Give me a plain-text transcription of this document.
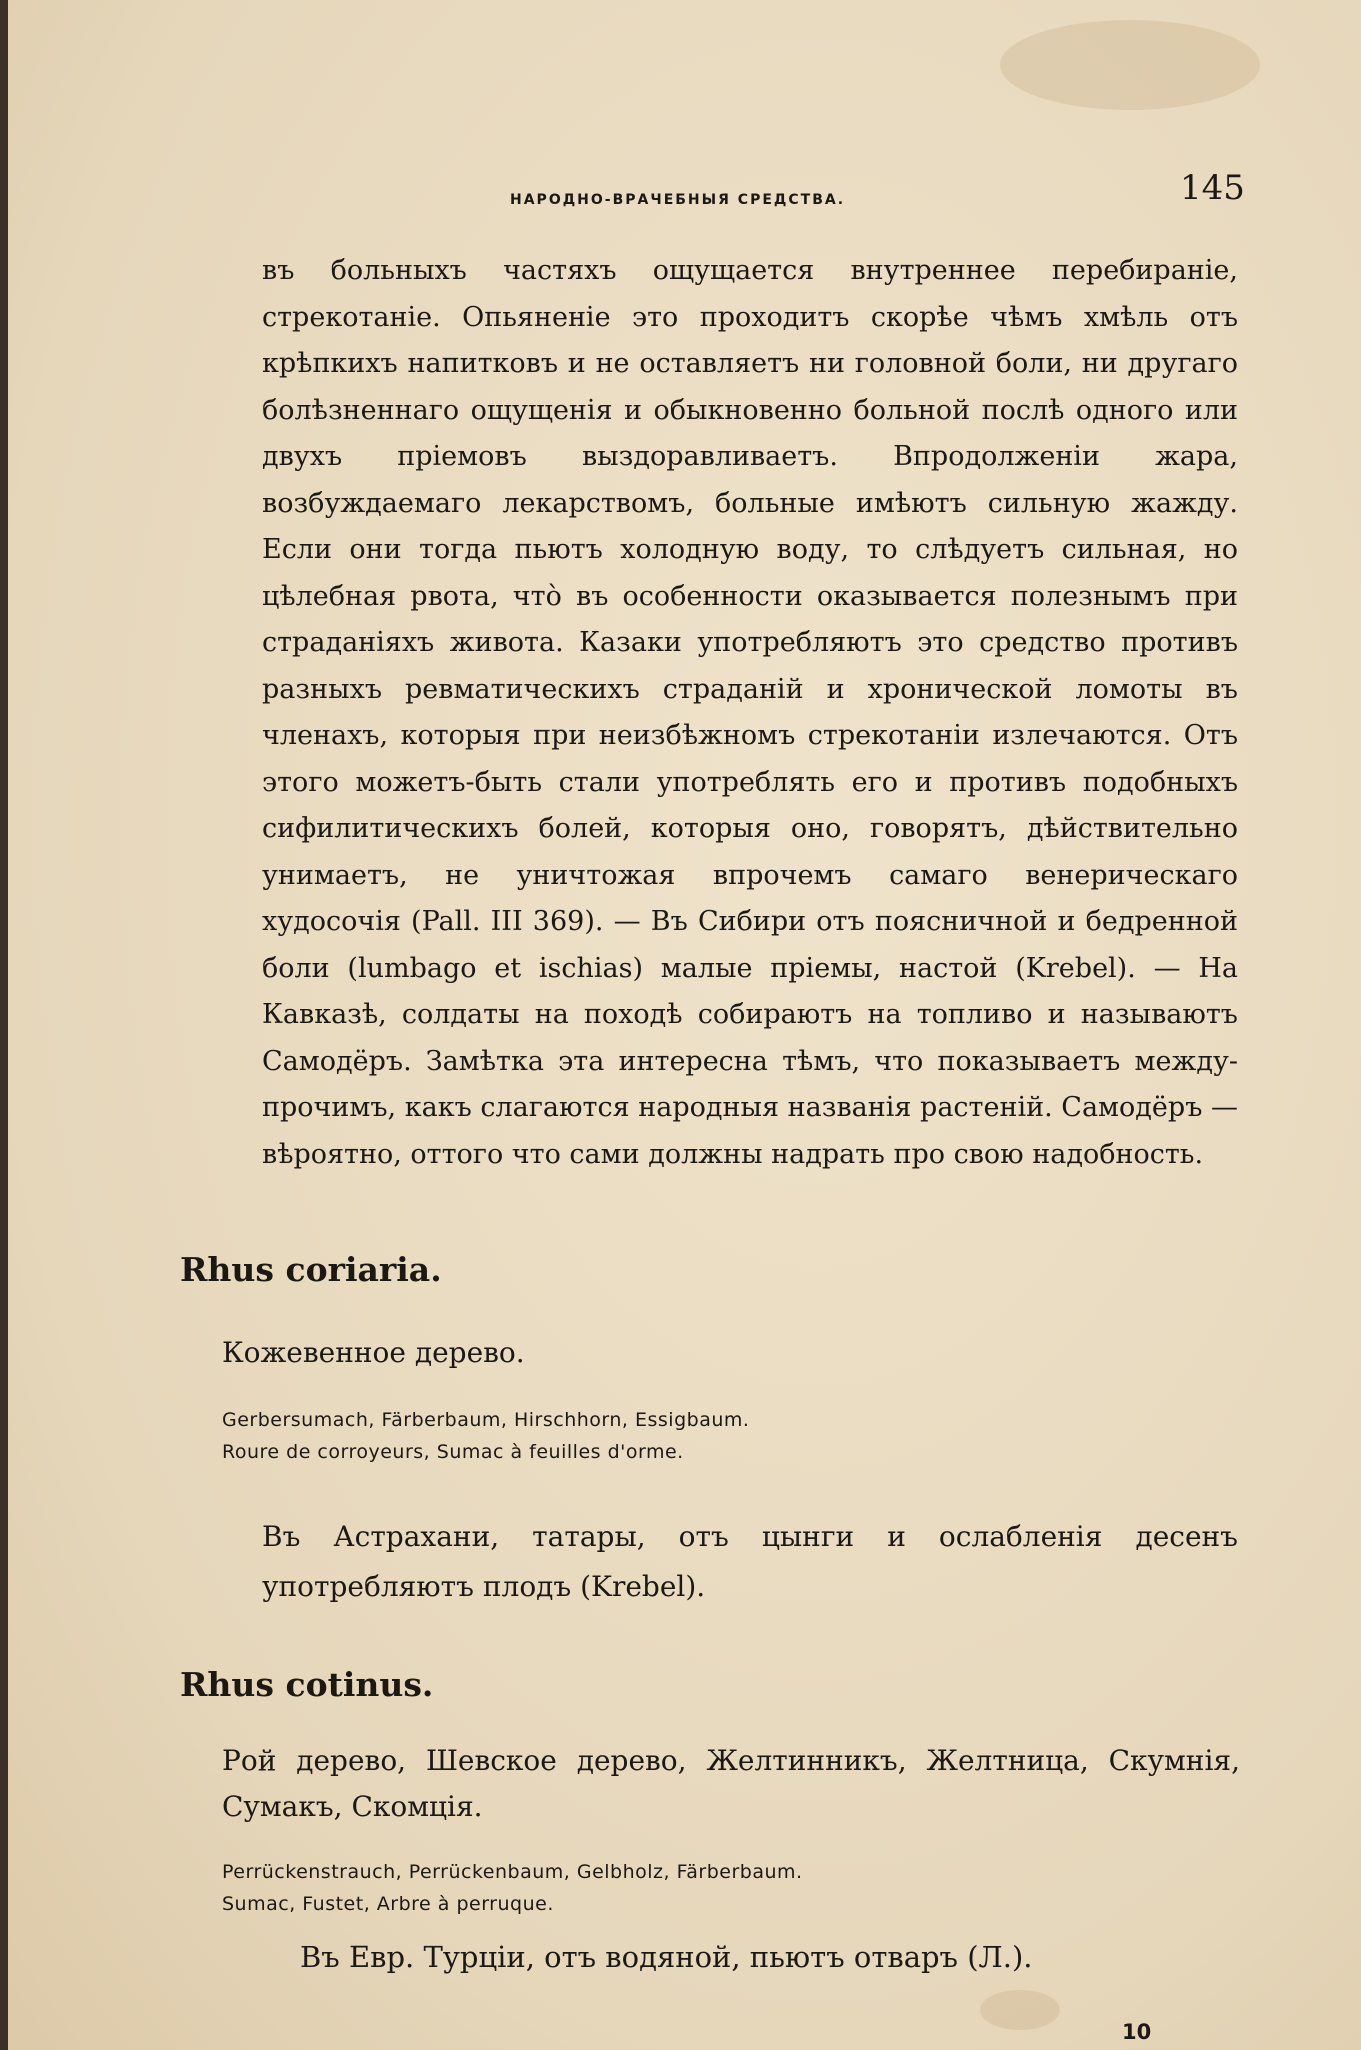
НАРОДНО-ВРАЧЕБНЫЯ СРЕДСТВА.	145
въ больныхъ частяхъ ощущается внутреннее перебираніе, стрекотаніе. Опьяненіе это проходитъ скорѣе чѣмъ хмѣль отъ крѣпкихъ напитковъ и не оставляетъ ни головной боли, ни другаго болѣзненнаго ощущенія и обыкновенно больной послѣ одного или двухъ пріемовъ выздоравливаетъ. Впродолженіи жара, возбуждаемаго лекарствомъ, больные имѣютъ сильную жажду. Если они тогда пьютъ холодную воду, то слѣдуетъ сильная, но цѣлебная рвота, чтò въ особенности оказывается полезнымъ при страданіяхъ живота. Казаки употребляютъ это средство противъ разныхъ ревматическихъ страданій и хронической ломоты въ членахъ, которыя при неизбѣжномъ стрекотаніи излечаются. Отъ этого можетъ-быть стали употреблять его и противъ подобныхъ сифилитическихъ болей, которыя оно, говорятъ, дѣйствительно унимаетъ, не уничтожая впрочемъ самаго венерическаго худосочія (Pall. III 369). — Въ Сибири отъ поясничной и бедренной боли (lumbago et ischias) малые пріемы, настой (Krebel). — На Кавказѣ, солдаты на походѣ собираютъ на топливо и называютъ Самодёръ. Замѣтка эта интересна тѣмъ, что показываетъ между-прочимъ, какъ слагаются народныя названія растеній. Самодёръ — вѣроятно, оттого что сами должны надрать про свою надобность.
Rhus coriaria.
Кожевенное дерево.
Gerbersumach, Färberbaum, Hirschhorn, Essigbaum.
Roure de corroyeurs, Sumac à feuilles d'orme.
Въ Астрахани, татары, отъ цынги и ослабленія десенъ употребляютъ плодъ (Krebel).
Rhus cotinus.
Рой дерево, Шевское дерево, Желтинникъ, Желтница, Скумнія, Сумакъ, Скомція.
Perrückenstrauch, Perrückenbaum, Gelbholz, Färberbaum.
Sumac, Fustet, Arbre à perruque.
Въ Евр. Турціи, отъ водяной, пьютъ отваръ (Л.).
10
